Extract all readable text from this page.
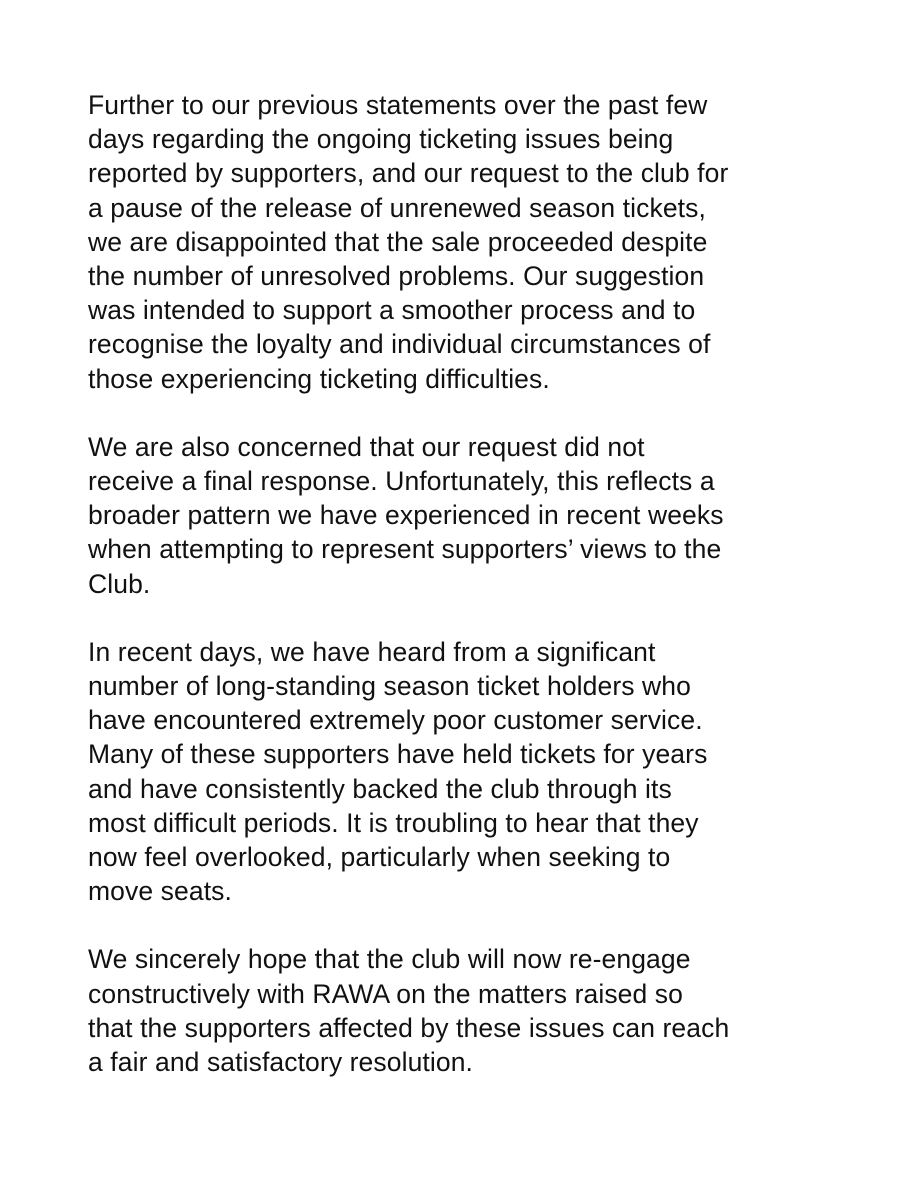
Further to our previous statements over the past few
days regarding the ongoing ticketing issues being
reported by supporters, and our request to the club for
a pause of the release of unrenewed season tickets,
we are disappointed that the sale proceeded despite
the number of unresolved problems. Our suggestion
was intended to support a smoother process and to
recognise the loyalty and individual circumstances of
those experiencing ticketing difficulties.

We are also concerned that our request did not
receive a final response. Unfortunately, this reflects a
broader pattern we have experienced in recent weeks
when attempting to represent supporters’ views to the
Club.

In recent days, we have heard from a significant
number of long-standing season ticket holders who
have encountered extremely poor customer service.
Many of these supporters have held tickets for years
and have consistently backed the club through its
most difficult periods. It is troubling to hear that they
now feel overlooked, particularly when seeking to
move seats.

We sincerely hope that the club will now re-engage
constructively with RAWA on the matters raised so
that the supporters affected by these issues can reach
a fair and satisfactory resolution.
